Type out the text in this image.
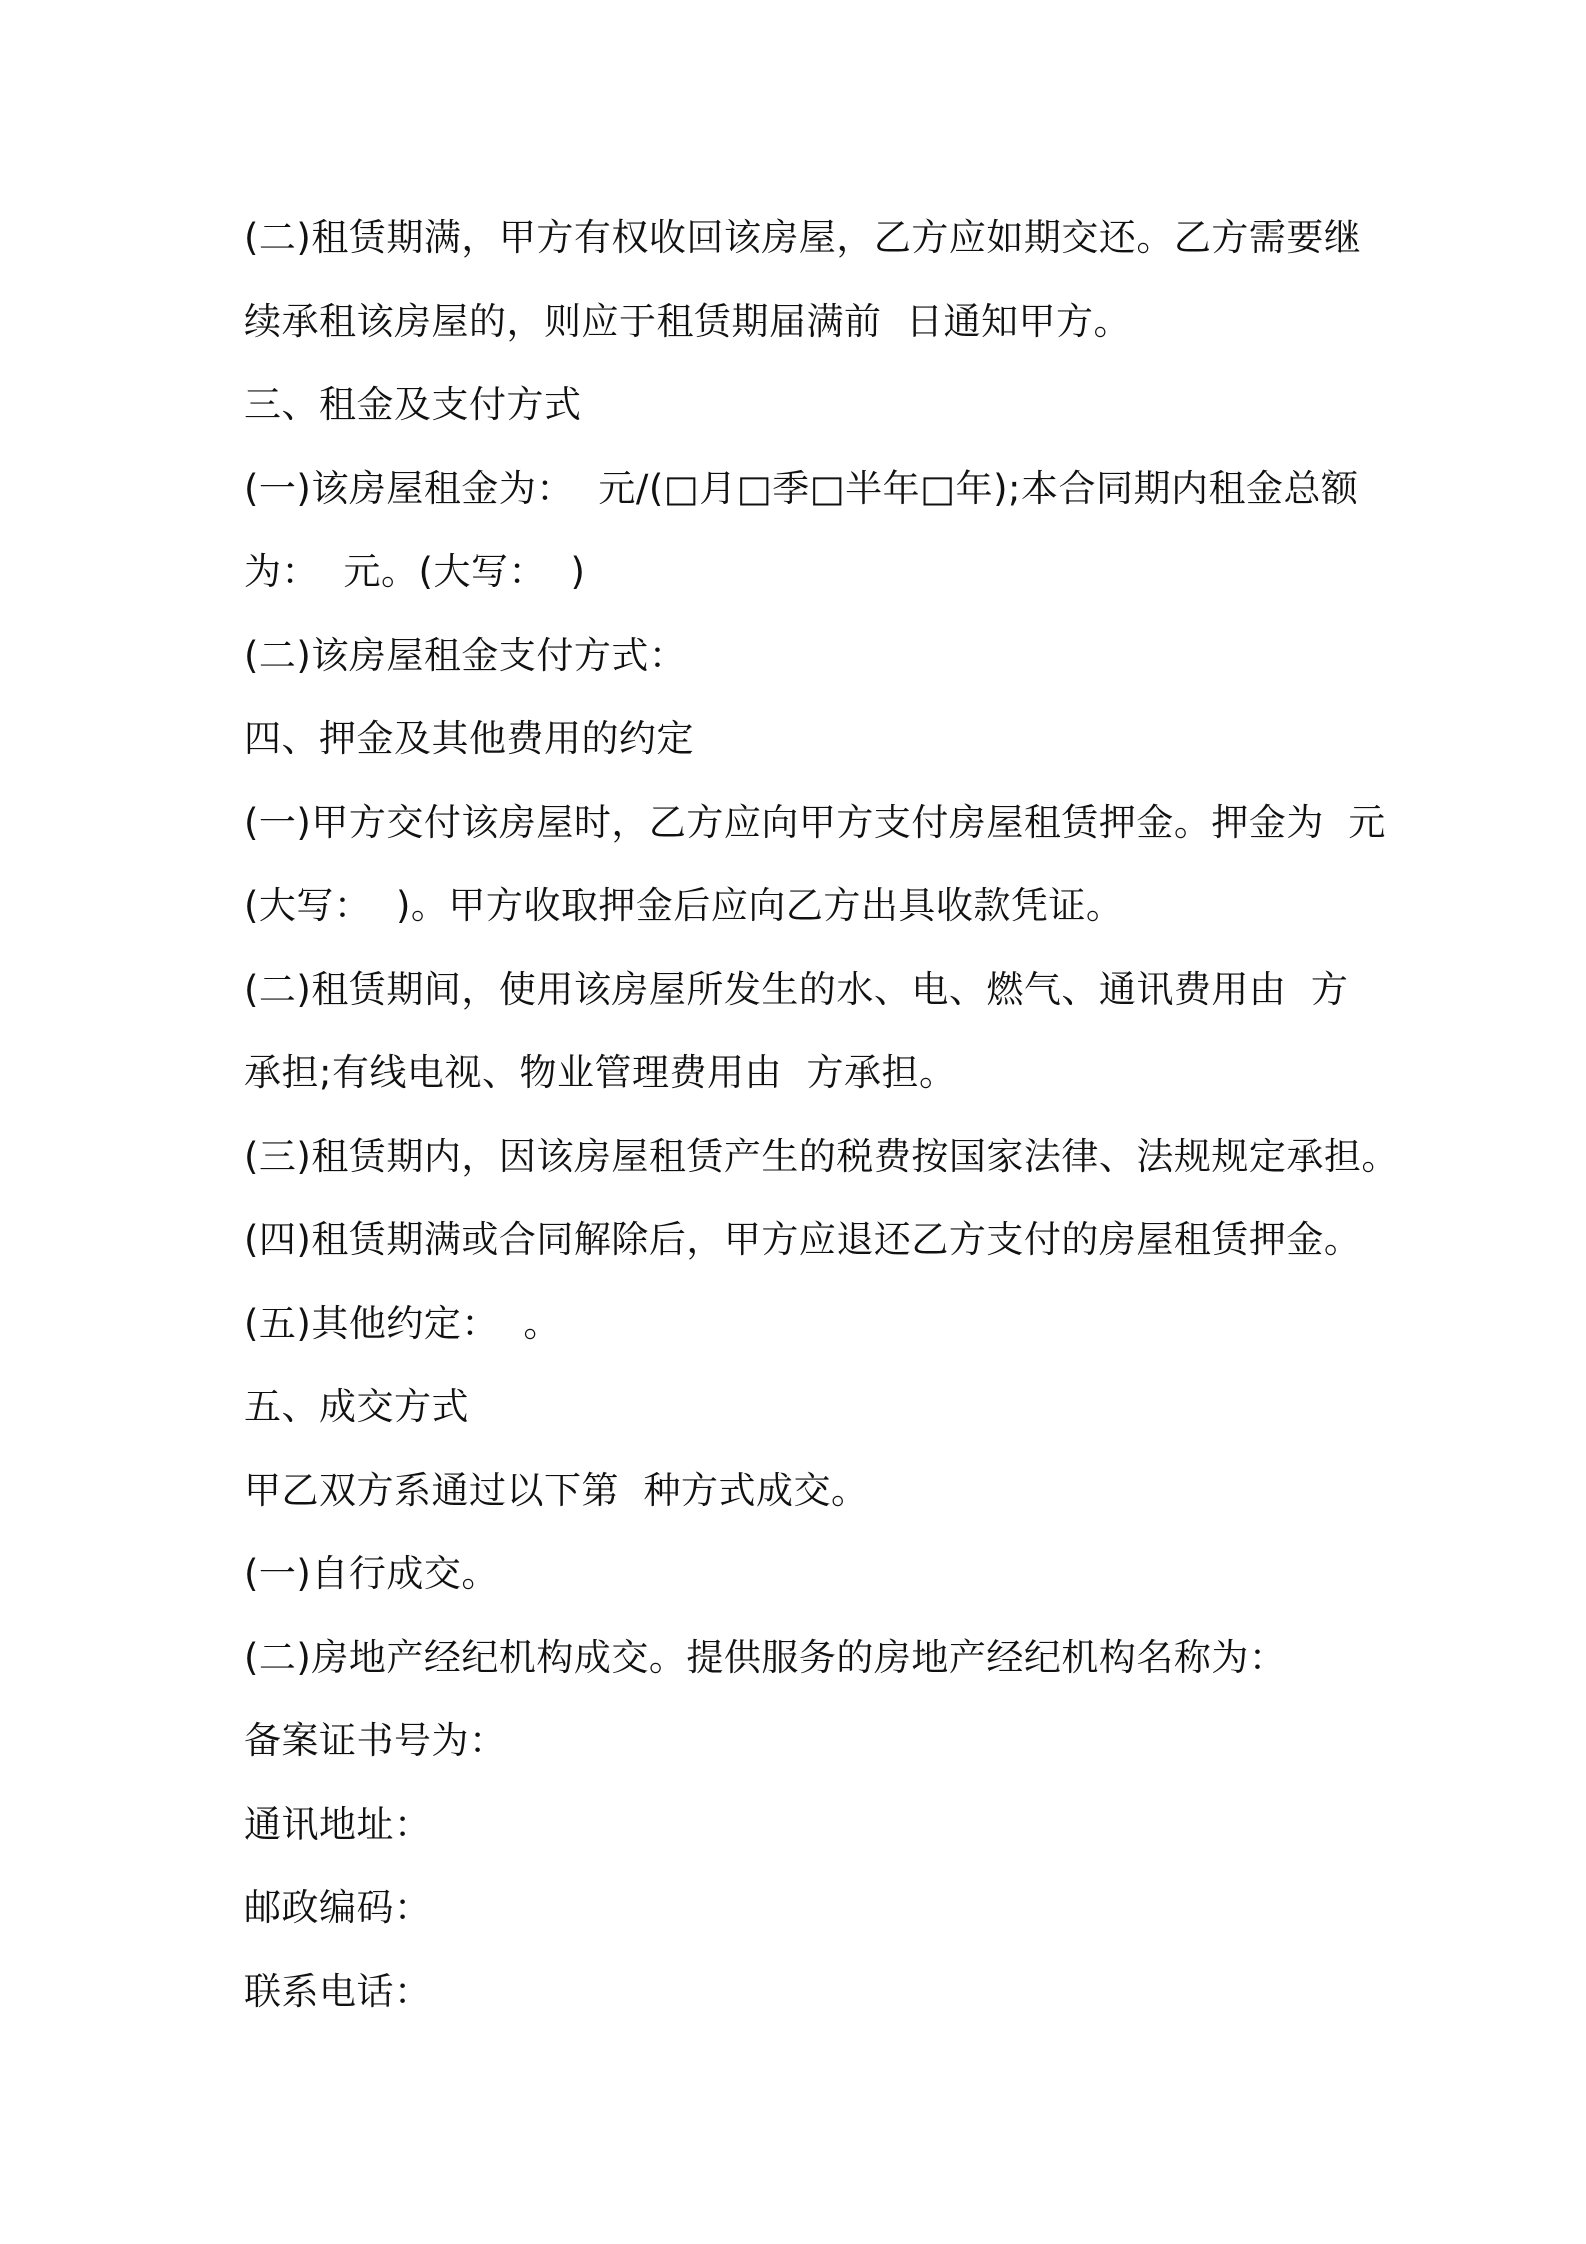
(二)租赁期满，甲方有权收回该房屋，乙方应如期交还。乙方需要继
续承租该房屋的，则应于租赁期届满前  日通知甲方。
三、租金及支付方式
(一)该房屋租金为：  元/(□月□季□半年□年);本合同期内租金总额
为：  元。(大写：  )
(二)该房屋租金支付方式：
四、押金及其他费用的约定
(一)甲方交付该房屋时，乙方应向甲方支付房屋租赁押金。押金为  元
(大写：  )。甲方收取押金后应向乙方出具收款凭证。
(二)租赁期间，使用该房屋所发生的水、电、燃气、通讯费用由  方
承担;有线电视、物业管理费用由  方承担。
(三)租赁期内，因该房屋租赁产生的税费按国家法律、法规规定承担。
(四)租赁期满或合同解除后，甲方应退还乙方支付的房屋租赁押金。
(五)其他约定：  。
五、成交方式
甲乙双方系通过以下第  种方式成交。
(一)自行成交。
(二)房地产经纪机构成交。提供服务的房地产经纪机构名称为：
备案证书号为：
通讯地址：
邮政编码：
联系电话：
